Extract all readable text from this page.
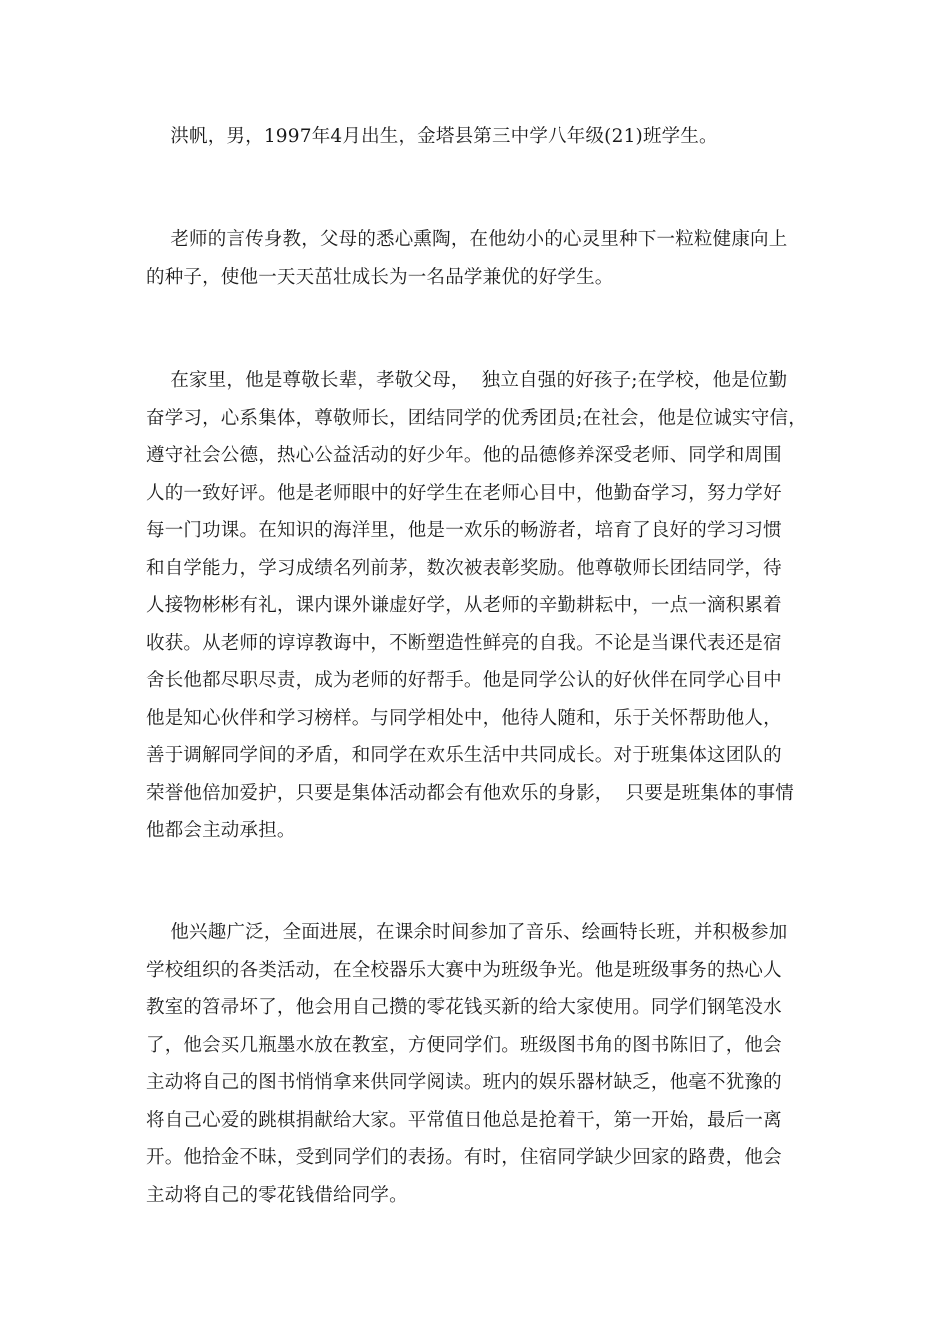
洪帆，男，1997年4月出生，金塔县第三中学八年级(21)班学生。
老师的言传身教，父母的悉心熏陶，在他幼小的心灵里种下一粒粒健康向上
的种子，使他一天天茁壮成长为一名品学兼优的好学生。
在家里，他是尊敬长辈，孝敬父母，  独立自强的好孩子;在学校，他是位勤
奋学习，心系集体，尊敬师长，团结同学的优秀团员;在社会，他是位诚实守信，
遵守社会公德，热心公益活动的好少年。他的品德修养深受老师、同学和周围
人的一致好评。他是老师眼中的好学生在老师心目中，他勤奋学习，努力学好
每一门功课。在知识的海洋里，他是一欢乐的畅游者，培育了良好的学习习惯
和自学能力，学习成绩名列前茅，数次被表彰奖励。他尊敬师长团结同学，待
人接物彬彬有礼，课内课外谦虚好学，从老师的辛勤耕耘中，一点一滴积累着
收获。从老师的谆谆教诲中，不断塑造性鲜亮的自我。不论是当课代表还是宿
舍长他都尽职尽责，成为老师的好帮手。他是同学公认的好伙伴在同学心目中
他是知心伙伴和学习榜样。与同学相处中，他待人随和，乐于关怀帮助他人，
善于调解同学间的矛盾，和同学在欢乐生活中共同成长。对于班集体这团队的
荣誉他倍加爱护，只要是集体活动都会有他欢乐的身影，  只要是班集体的事情
他都会主动承担。
他兴趣广泛，全面进展，在课余时间参加了音乐、绘画特长班，并积极参加
学校组织的各类活动，在全校器乐大赛中为班级争光。他是班级事务的热心人
教室的笤帚坏了，他会用自己攒的零花钱买新的给大家使用。同学们钢笔没水
了，他会买几瓶墨水放在教室，方便同学们。班级图书角的图书陈旧了，他会
主动将自己的图书悄悄拿来供同学阅读。班内的娱乐器材缺乏，他毫不犹豫的
将自己心爱的跳棋捐献给大家。平常值日他总是抢着干，第一开始，最后一离
开。他拾金不昧，受到同学们的表扬。有时，住宿同学缺少回家的路费，他会
主动将自己的零花钱借给同学。
